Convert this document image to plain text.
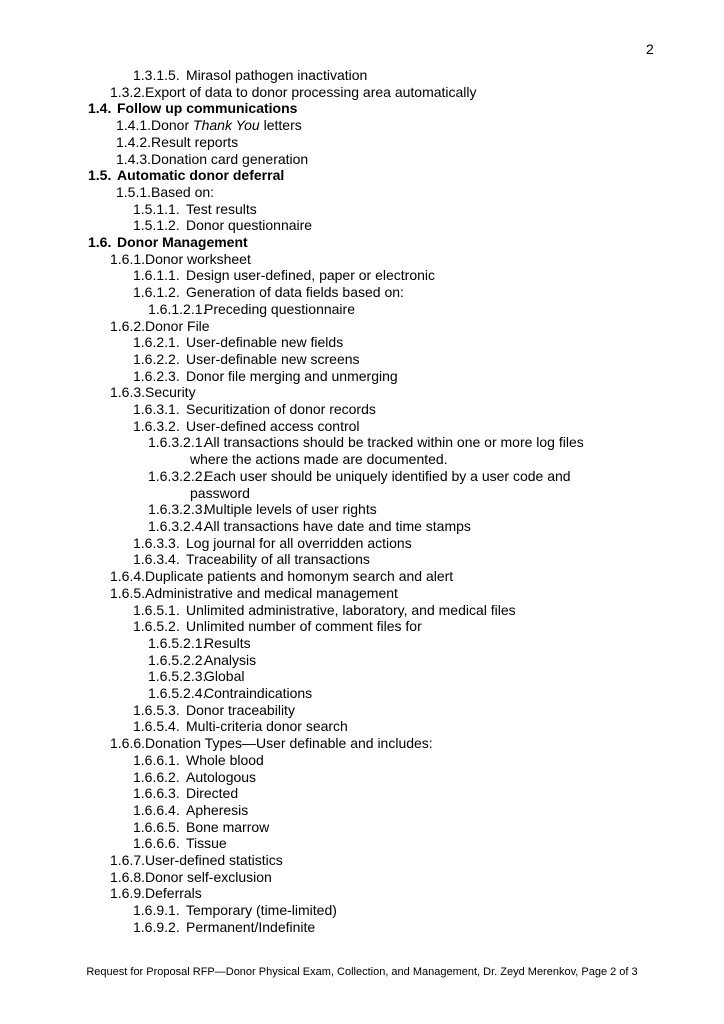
2
1.3.1.5. Mirasol pathogen inactivation
1.3.2. Export of data to donor processing area automatically
1.4. Follow up communications
1.4.1. Donor Thank You letters
1.4.2. Result reports
1.4.3. Donation card generation
1.5. Automatic donor deferral
1.5.1. Based on:
1.5.1.1. Test results
1.5.1.2. Donor questionnaire
1.6. Donor Management
1.6.1. Donor worksheet
1.6.1.1. Design user-defined, paper or electronic
1.6.1.2. Generation of data fields based on:
1.6.1.2.1.
Preceding questionnaire
1.6.2. Donor File
1.6.2.1. User-definable new fields
1.6.2.2. User-definable new screens
1.6.2.3. Donor file merging and unmerging
1.6.3. Security
1.6.3.1. Securitization of donor records
1.6.3.2. User-defined access control
1.6.3.2.1.
All transactions should be tracked within one or more log files
where the actions made are documented.
1.6.3.2.2.
Each user should be uniquely identified by a user code and
password
1.6.3.2.3.
Multiple levels of user rights
1.6.3.2.4.
All transactions have date and time stamps
1.6.3.3. Log journal for all overridden actions
1.6.3.4. Traceability of all transactions
1.6.4. Duplicate patients and homonym search and alert
1.6.5. Administrative and medical management
1.6.5.1. Unlimited administrative, laboratory, and medical files
1.6.5.2. Unlimited number of comment files for
1.6.5.2.1.
Results
1.6.5.2.2.
Analysis
1.6.5.2.3.
Global
1.6.5.2.4.
Contraindications
1.6.5.3. Donor traceability
1.6.5.4. Multi-criteria donor search
1.6.6. Donation Types—User definable and includes:
1.6.6.1. Whole blood
1.6.6.2. Autologous
1.6.6.3. Directed
1.6.6.4. Apheresis
1.6.6.5. Bone marrow
1.6.6.6. Tissue
1.6.7. User-defined statistics
1.6.8. Donor self-exclusion
1.6.9. Deferrals
1.6.9.1. Temporary (time-limited)
1.6.9.2. Permanent/Indefinite
Request for Proposal RFP—Donor Physical Exam, Collection, and Management, Dr. Zeyd Merenkov, Page 2 of 3
